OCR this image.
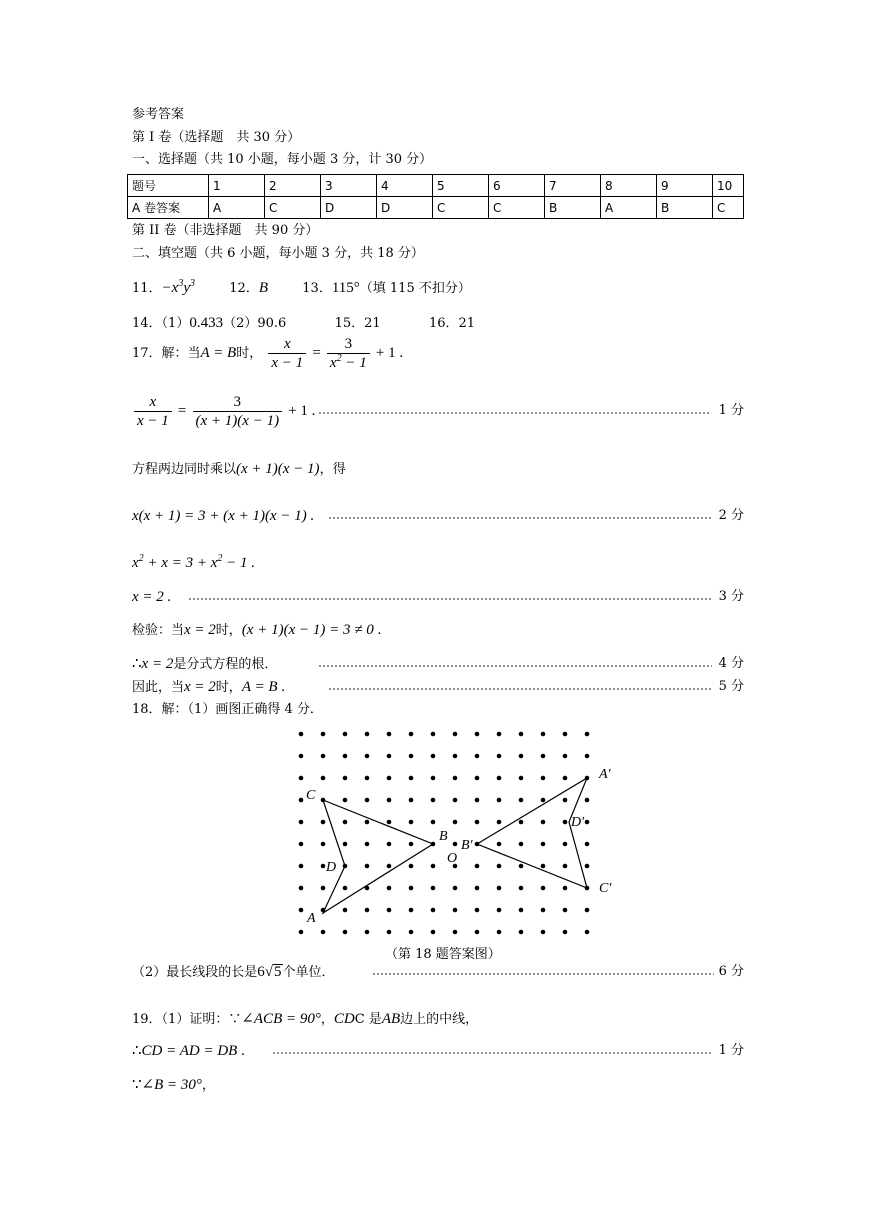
参考答案
第 I 卷（选择题　共 30 分）
一、选择题（共 10 小题，每小题 3 分，计 30 分）
题号	1	2	3	4	5	6	7	8	9	10
A 卷答案	A	C	D	D	C	C	B	A	B	C
第 II 卷（非选择题　共 90 分）
二、填空题（共 6 小题，每小题 3 分，共 18 分）
11．$-x^3y^3$	12．B	13．115°（填 115 不扣分）
14．（1）0.433（2）90.6	15．21	16．21
17．解：当A = B时， $\frac{x}{x - 1} = \frac{3}{x^2 - 1} + 1$ .
$\frac{x}{x - 1} = \frac{3}{(x + 1)(x - 1)} + 1$ .	1 分
方程两边同时乘以(x + 1)(x − 1)，得
x(x + 1) = 3 + (x + 1)(x − 1) .	2 分
$x^2 + x = 3 + x^2 - 1$ .
x = 2 .	3 分
检验：当x = 2时，(x + 1)(x − 1) = 3 ≠ 0 .
∴x = 2是分式方程的根．	4 分
因此，当x = 2时，A = B .	5 分
18．解：（1）画图正确得 4 分．
A
B
C
D
O
A′
B′
C′
D′
（第 18 题答案图）
（2）最长线段的长是6√5个单位．	6 分
19．（1）证明：∵∠ACB = 90°，CDC 是AB边上的中线，
∴CD = AD = DB .	1 分
∵∠B = 30°，
